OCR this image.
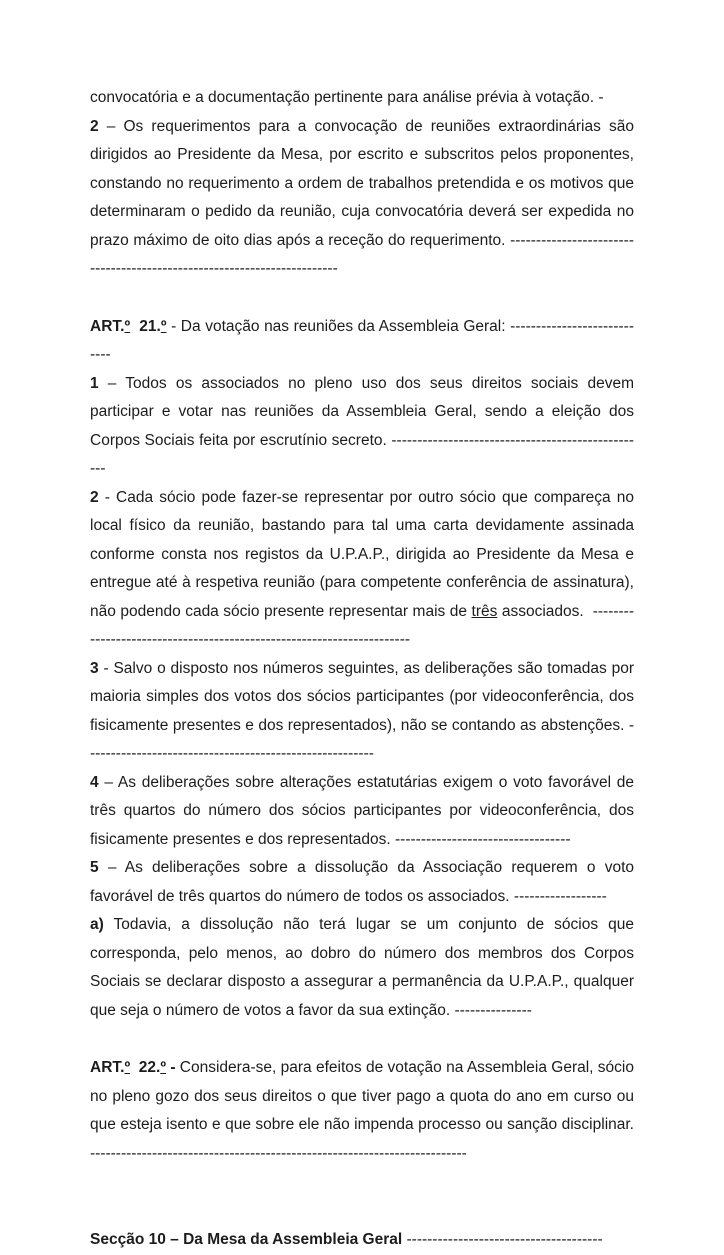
convocatória e a documentação pertinente para análise prévia à votação. -

2 – Os requerimentos para a convocação de reuniões extraordinárias são dirigidos ao Presidente da Mesa, por escrito e subscritos pelos proponentes, constando no requerimento a ordem de trabalhos pretendida e os motivos que determinaram o pedido da reunião, cuja convocatória deverá ser expedida no prazo máximo de oito dias após a receção do requerimento. ------------------------------------------------------------------------

ART.º  21.º - Da votação nas reuniões da Assembleia Geral: ----------------------------

1 – Todos os associados no pleno uso dos seus direitos sociais devem participar e votar nas reuniões da Assembleia Geral, sendo a eleição dos Corpos Sociais feita por escrutínio secreto. --------------------------------------------------

2 - Cada sócio pode fazer-se representar por outro sócio que compareça no local físico da reunião, bastando para tal uma carta devidamente assinada conforme consta nos registos da U.P.A.P., dirigida ao Presidente da Mesa e entregue até à respetiva reunião (para competente conferência de assinatura), não podendo cada sócio presente representar mais de três associados.  ----------------------------------------------------------------------

3 - Salvo o disposto nos números seguintes, as deliberações são tomadas por maioria simples dos votos dos sócios participantes (por videoconferência, dos fisicamente presentes e dos representados), não se contando as abstenções. --------------------------------------------------------

4 – As deliberações sobre alterações estatutárias exigem o voto favorável de três quartos do número dos sócios participantes por videoconferência, dos fisicamente presentes e dos representados. ----------------------------------

5 – As deliberações sobre a dissolução da Associação requerem o voto favorável de três quartos do número de todos os associados. ------------------

a) Todavia, a dissolução não terá lugar se um conjunto de sócios que corresponda, pelo menos, ao dobro do número dos membros dos Corpos Sociais se declarar disposto a assegurar a permanência da U.P.A.P., qualquer que seja o número de votos a favor da sua extinção. ---------------

ART.º  22.º - Considera-se, para efeitos de votação na Assembleia Geral, sócio no pleno gozo dos seus direitos o que tiver pago a quota do ano em curso ou que esteja isento e que sobre ele não impenda processo ou sanção disciplinar. -------------------------------------------------------------------------

Secção 10 – Da Mesa da Assembleia Geral --------------------------------------
